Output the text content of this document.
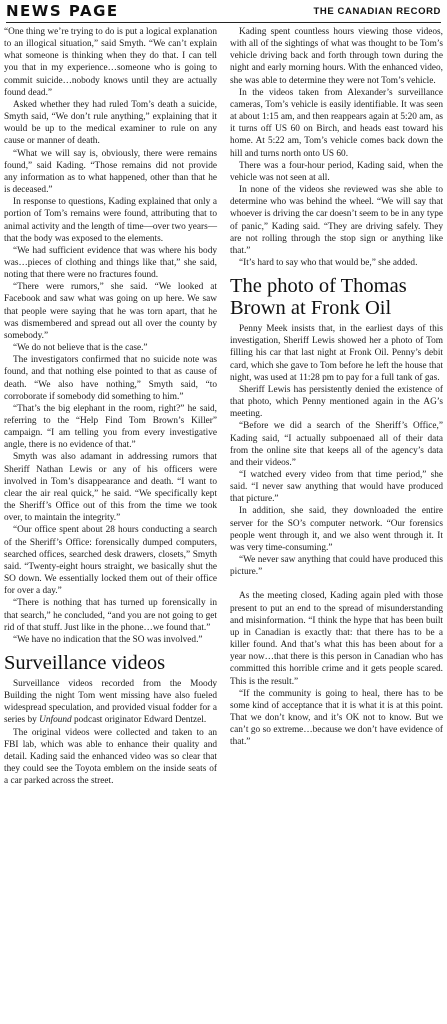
NEWS PAGE	THE CANADIAN RECORD

“One thing we’re trying to do is put a logical explanation to an illogical situation,” said Smyth. “We can’t explain what someone is thinking when they do that. I can tell you that in my experience…someone who is going to commit suicide…nobody knows until they are actually found dead.”

Asked whether they had ruled Tom’s death a suicide, Smyth said, “We don’t rule anything,” explaining that it would be up to the medical examiner to rule on any cause or manner of death.

“What we will say is, obviously, there were remains found,” said Kading. “Those remains did not provide any information as to what happened, other than that he is deceased.”

In response to questions, Kading explained that only a portion of Tom’s remains were found, attributing that to animal activity and the length of time—over two years—that the body was exposed to the elements.

“We had sufficient evidence that was where his body was…pieces of clothing and things like that,” she said, noting that there were no fractures found.

“There were rumors,” she said. “We looked at Facebook and saw what was going on up here. We saw that people were saying that he was torn apart, that he was dismembered and spread out all over the county by somebody.”

“We do not believe that is the case.”

The investigators confirmed that no suicide note was found, and that nothing else pointed to that as cause of death. “We also have nothing,” Smyth said, “to corroborate if somebody did something to him.”

“That’s the big elephant in the room, right?” he said, referring to the “Help Find Tom Brown’s Killer” campaign. “I am telling you from every investigative angle, there is no evidence of that.”

Smyth was also adamant in addressing rumors that Sheriff Nathan Lewis or any of his officers were involved in Tom’s disappearance and death. “I want to clear the air real quick,” he said. “We specifically kept the Sheriff’s Office out of this from the time we took over, to maintain the integrity.”

“Our office spent about 28 hours conducting a search of the Sheriff’s Office: forensically dumped computers, searched offices, searched desk drawers, closets,” Smyth said. “Twenty-eight hours straight, we basically shut the SO down. We essentially locked them out of their office for over a day.”

“There is nothing that has turned up forensically in that search,” he concluded, “and you are not going to get rid of that stuff. Just like in the phone…we found that.”

“We have no indication that the SO was involved.”

Surveillance videos

Surveillance videos recorded from the Moody Building the night Tom went missing have also fueled widespread speculation, and provided visual fodder for a series by Unfound podcast originator Edward Dentzel.

The original videos were collected and taken to an FBI lab, which was able to enhance their quality and detail. Kading said the enhanced video was so clear that they could see the Toyota emblem on the inside seats of a car parked across the street.

Kading spent countless hours viewing those videos, with all of the sightings of what was thought to be Tom’s vehicle driving back and forth through town during the night and early morning hours. With the enhanced video, she was able to determine they were not Tom’s vehicle.

In the videos taken from Alexander’s surveillance cameras, Tom’s vehicle is easily identifiable. It was seen at about 1:15 am, and then reappears again at 5:20 am, as it turns off US 60 on Birch, and heads east toward his home. At 5:22 am, Tom’s vehicle comes back down the hill and turns north onto US 60.

There was a four-hour period, Kading said, when the vehicle was not seen at all.

In none of the videos she reviewed was she able to determine who was behind the wheel. “We will say that whoever is driving the car doesn’t seem to be in any type of panic,” Kading said. “They are driving safely. They are not rolling through the stop sign or anything like that.”

“It’s hard to say who that would be,” she added.

The photo of Thomas Brown at Fronk Oil

Penny Meek insists that, in the earliest days of this investigation, Sheriff Lewis showed her a photo of Tom filling his car that last night at Fronk Oil. Penny’s debit card, which she gave to Tom before he left the house that night, was used at 11:28 pm to pay for a full tank of gas.

Sheriff Lewis has persistently denied the existence of that photo, which Penny mentioned again in the AG’s meeting.

“Before we did a search of the Sheriff’s Office,” Kading said, “I actually subpoenaed all of their data from the online site that keeps all of the agency’s data and their videos.”

“I watched every video from that time period,” she said. “I never saw anything that would have produced that picture.”

In addition, she said, they downloaded the entire server for the SO’s computer network. “Our forensics people went through it, and we also went through it. It was very time-consuming.”

“We never saw anything that could have produced this picture.”

As the meeting closed, Kading again pled with those present to put an end to the spread of misunderstanding and misinformation. “I think the hype that has been built up in Canadian is exactly that: that there has to be a killer found. And that’s what this has been about for a year now…that there is this person in Canadian who has committed this horrible crime and it gets people scared. This is the result.”

“If the community is going to heal, there has to be some kind of acceptance that it is what it is at this point. That we don’t know, and it’s OK not to know. But we can’t go so extreme…because we don’t have evidence of that.”
